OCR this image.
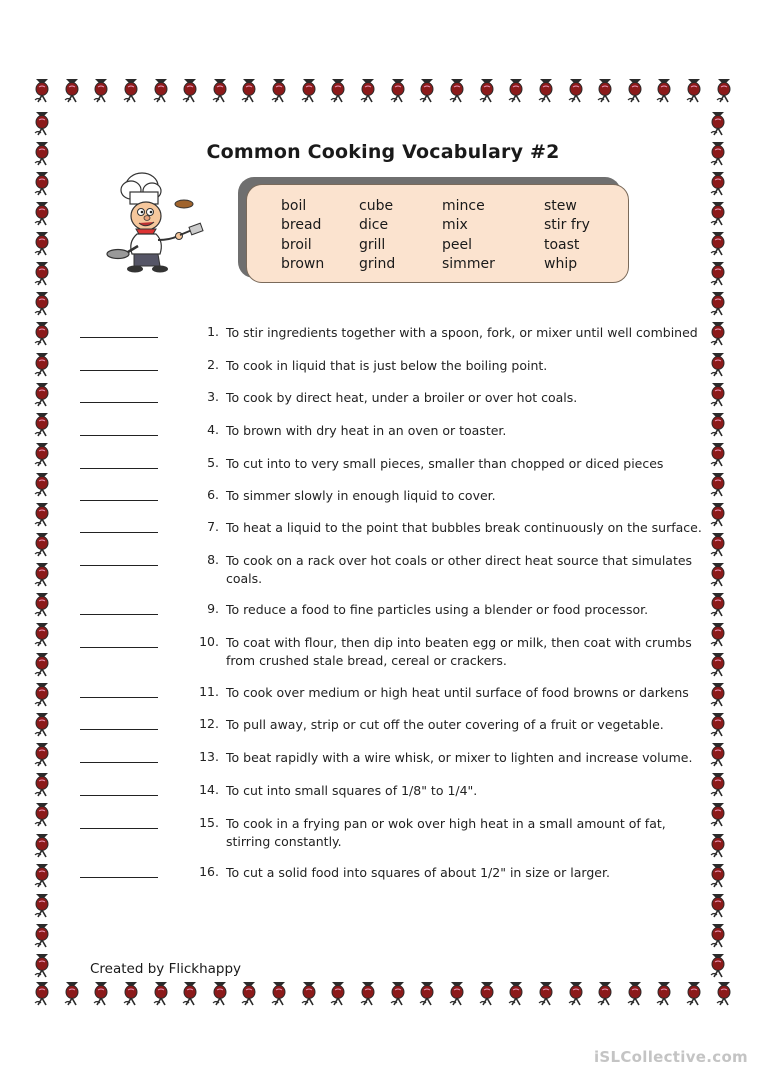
Common Cooking Vocabulary #2
boil
bread
broil
brown
cube
dice
grill
grind
mince
mix
peel
simmer
stew
stir fry
toast
whip
1. To stir ingredients together with a spoon, fork, or mixer until well combined
2. To cook in liquid that is just below the boiling point.
3. To cook by direct heat, under a broiler or over hot coals.
4. To brown with dry heat in an oven or toaster.
5. To cut into to very small pieces, smaller than chopped or diced pieces
6. To simmer slowly in enough liquid to cover.
7. To heat a liquid to the point that bubbles break continuously on the surface.
8. To cook on a rack over hot coals or other direct heat source that simulates coals.
9. To reduce a food to fine particles using a blender or food processor.
10. To coat with flour, then dip into beaten egg or milk, then coat with crumbs from crushed stale bread, cereal or crackers.
11. To cook over medium or high heat until surface of food browns or darkens
12. To pull away, strip or cut off the outer covering of a fruit or vegetable.
13. To beat rapidly with a wire whisk, or mixer to lighten and increase volume.
14. To cut into small squares of 1/8" to 1/4".
15. To cook in a frying pan or wok over high heat in a small amount of fat, stirring constantly.
16. To cut a solid food into squares of about 1/2" in size or larger.
Created by Flickhappy
iSLCollective.com
